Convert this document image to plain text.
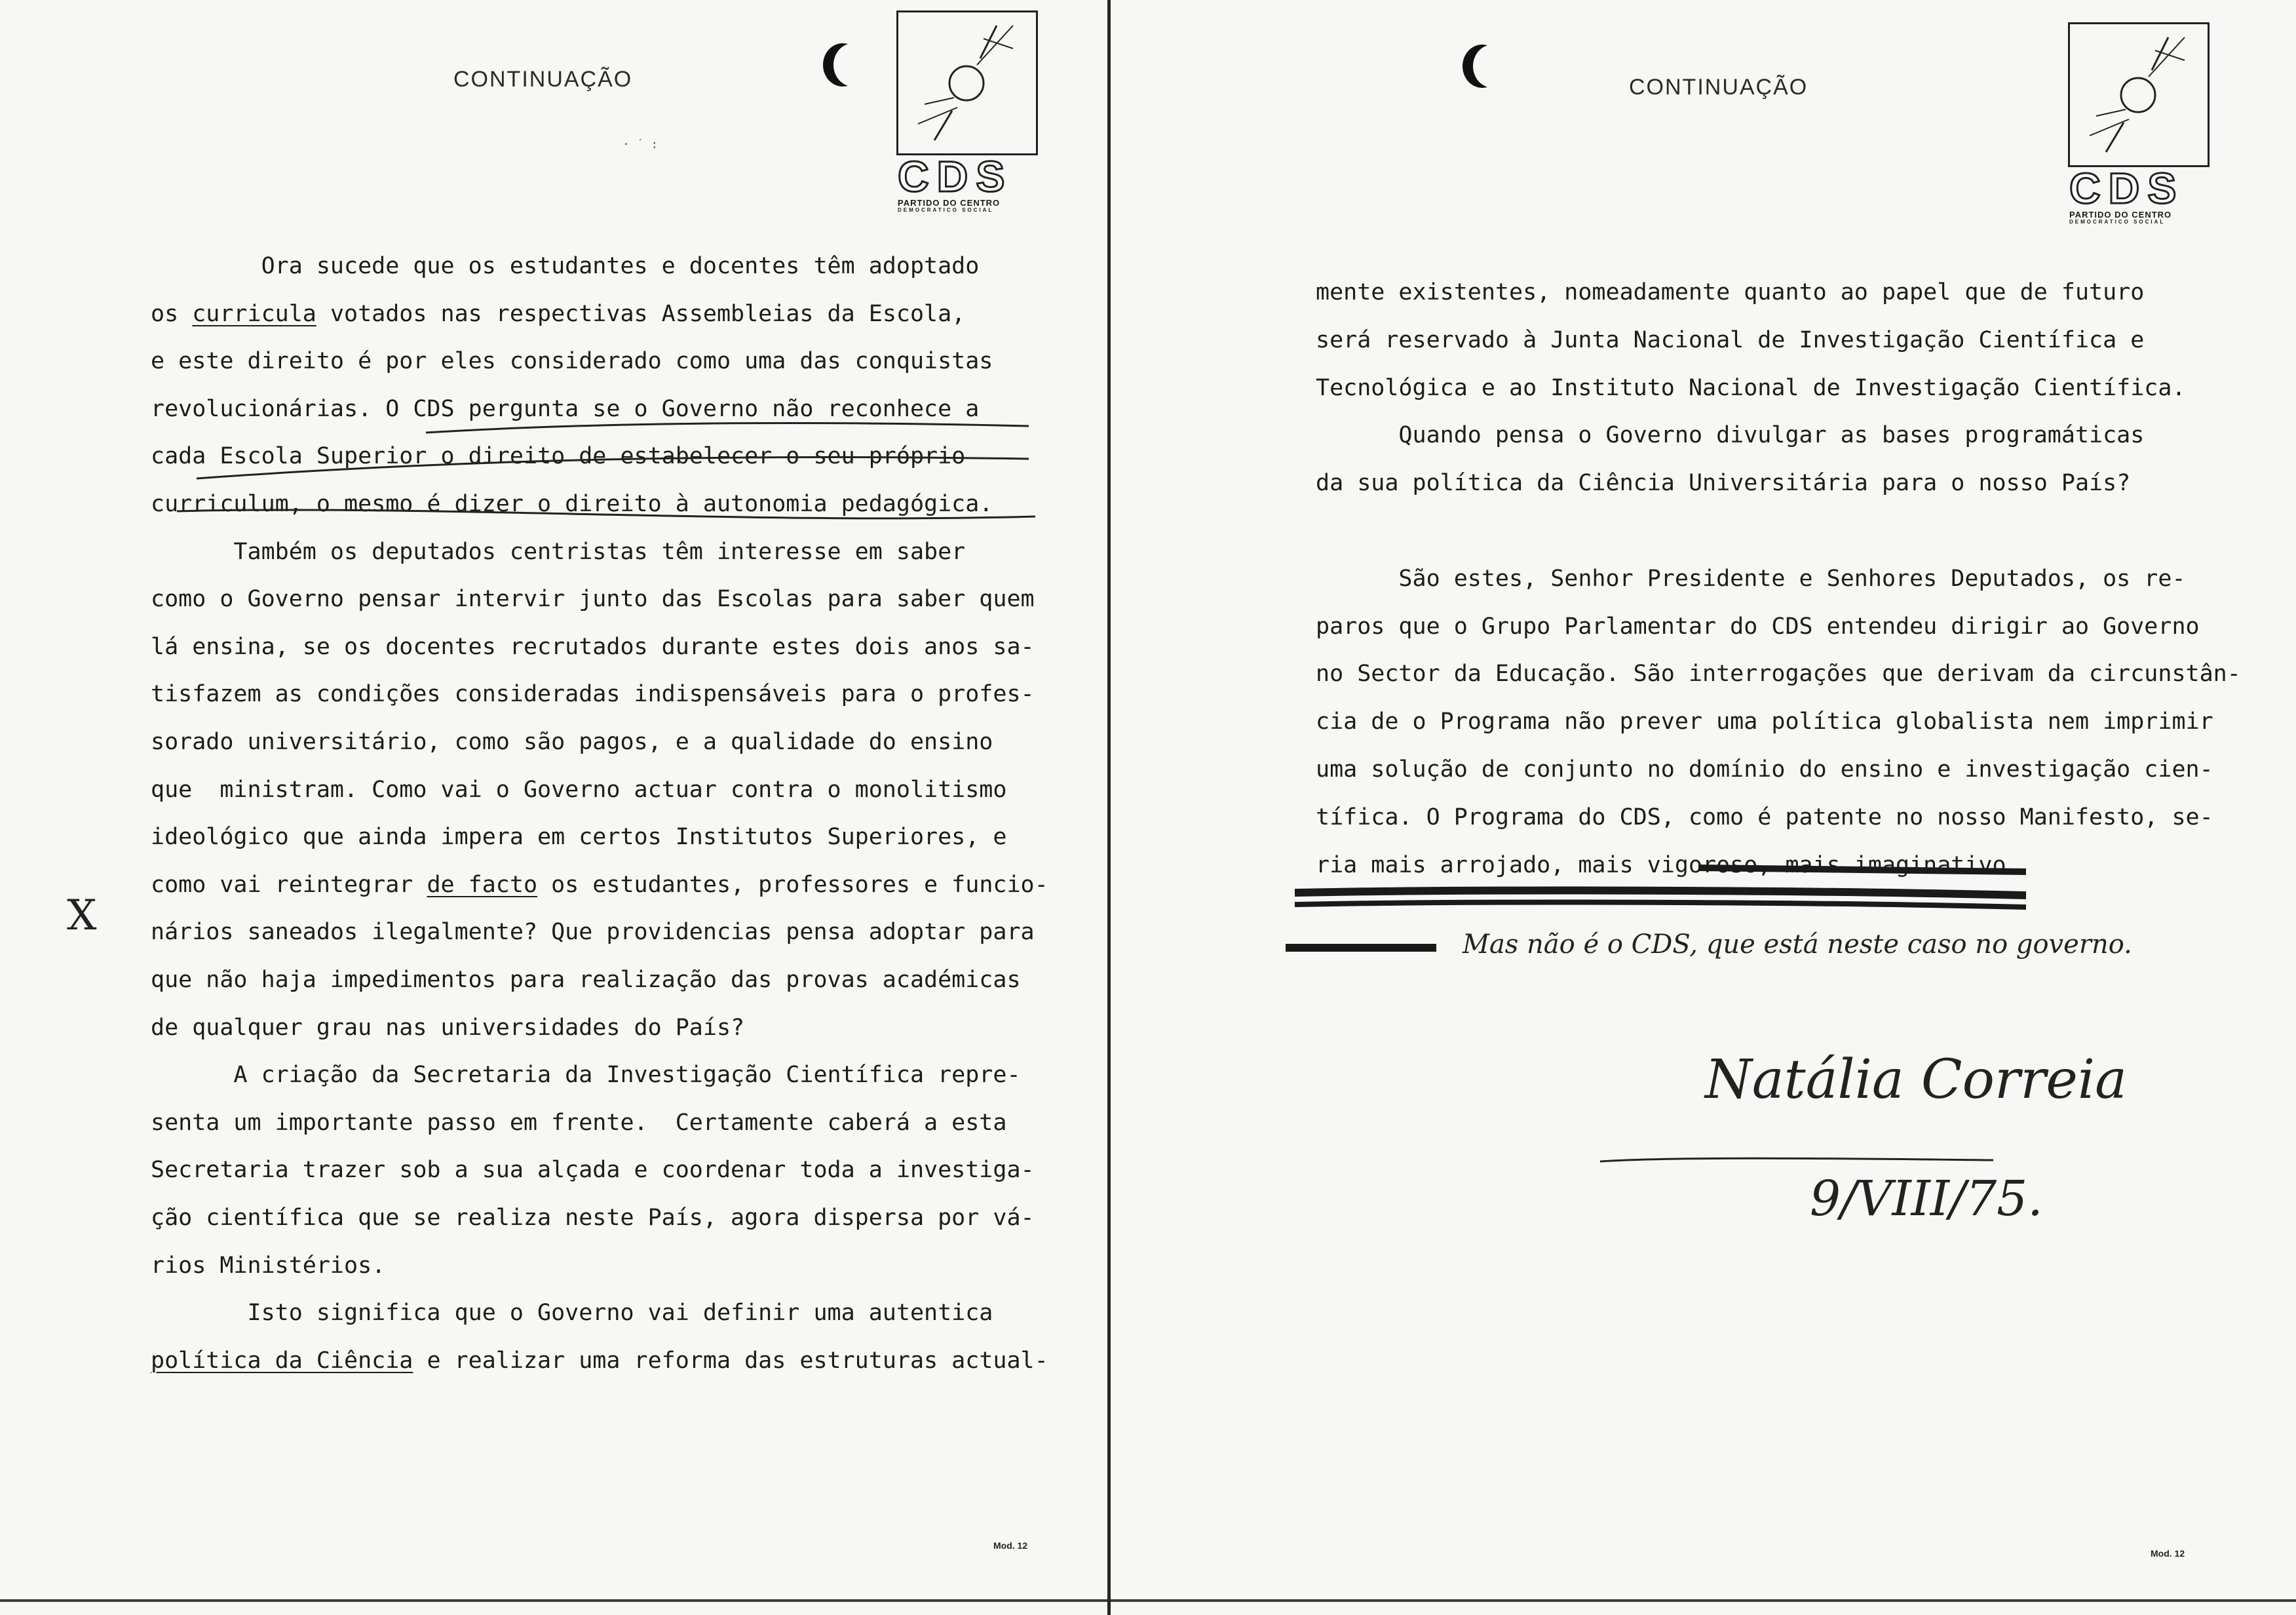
CONTINUAÇÃO
CDS
PARTIDO DO CENTRO
DEMOCRATICO SOCIAL
· ˙ :
Ora sucede que os estudantes e docentes têm adoptado
os curricula votados nas respectivas Assembleias da Escola,
e este direito é por eles considerado como uma das conquistas
revolucionárias. O CDS pergunta se o Governo não reconhece a
cada Escola Superior o direito de estabelecer o seu próprio
curriculum, o mesmo é dizer o direito à autonomia pedagógica.
Também os deputados centristas têm interesse em saber
como o Governo pensar intervir junto das Escolas para saber quem
lá ensina, se os docentes recrutados durante estes dois anos sa-
tisfazem as condições consideradas indispensáveis para o profes-
sorado universitário, como são pagos, e a qualidade do ensino
que  ministram. Como vai o Governo actuar contra o monolitismo
ideológico que ainda impera em certos Institutos Superiores, e
como vai reintegrar de facto os estudantes, professores e funcio-
nários saneados ilegalmente? Que providencias pensa adoptar para
que não haja impedimentos para realização das provas académicas
de qualquer grau nas universidades do País?
A criação da Secretaria da Investigação Científica repre-
senta um importante passo em frente.  Certamente caberá a esta
Secretaria trazer sob a sua alçada e coordenar toda a investiga-
ção científica que se realiza neste País, agora dispersa por vá-
rios Ministérios.
Isto significa que o Governo vai definir uma autentica
política da Ciência e realizar uma reforma das estruturas actual-
X
Mod. 12
CONTINUAÇÃO
CDS
PARTIDO DO CENTRO
DEMOCRATICO SOCIAL
mente existentes, nomeadamente quanto ao papel que de futuro
será reservado à Junta Nacional de Investigação Científica e
Tecnológica e ao Instituto Nacional de Investigação Científica.
Quando pensa o Governo divulgar as bases programáticas
da sua política da Ciência Universitária para o nosso País?
São estes, Senhor Presidente e Senhores Deputados, os re-
paros que o Grupo Parlamentar do CDS entendeu dirigir ao Governo
no Sector da Educação. São interrogações que derivam da circunstân-
cia de o Programa não prever uma política globalista nem imprimir
uma solução de conjunto no domínio do ensino e investigação cien-
tífica. O Programa do CDS, como é patente no nosso Manifesto, se-
ria mais arrojado, mais vigoroso, mais imaginativo.
Mas não é o CDS, que está neste caso no governo.
Natália Correia
9/VIII/75.
Mod. 12
